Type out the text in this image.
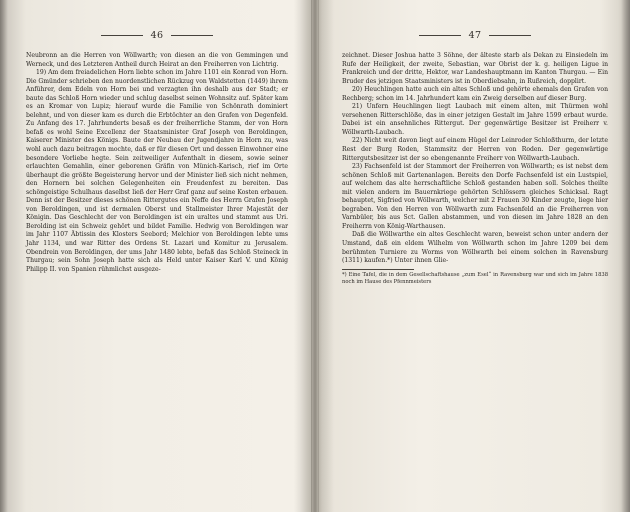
46

Neubronn an die Herren von Wöllwarth; von diesen an die von Gemmingen und Werneck, und des Letzteren Antheil durch Heirat an den Freiherren von Lichtrig.

19) Am dem freiadelichen Horn liebte schon im Jahre 1101 ein Konrad von Horn. Die Gmünder schrieben den nuordenstlichen Rückzug von Waldstetten (1449) ihrem Anführer, dem Edeln von Horn bei und verzagten ihn deshalb aus der Stadt; er baute das Schloß Horn wieder und schlug daselbst seinen Wohnsitz auf. Später kam es an Kromar von Lupiz; hierauf wurde die Familie von Schönrath dominiert belehnt, und von dieser kam es durch die Erbtöchter an den Grafen von Degenfeld. Zu Anfang des 17. Jahrhunderts besaß es der freiherrliche Stamm, der von Horn befaß es wohl Seine Excellenz der Staatsminister Graf Joseph von Beroldingen, Kaiserer Minister des Königs. Baute der Neubau der Jugendjahre in Horn zu, was wohl auch dazu beitragen mochte, daß er für diesen Ort und dessen Einwohner eine besondere Vorliebe hegte. Sein zeitweiliger Aufenthalt in diesem, sowie seiner erlauchten Gemahlin, einer geborenen Gräfin von Münich-Karisch, rief im Orte überhaupt die größte Begeisterung hervor und der Minister ließ sich nicht nehmen, den Hornern bei solchen Gelegenheiten ein Freudenfest zu bereiten. Das schöngeistige Schulhaus daselbst ließ der Herr Graf ganz auf seine Kosten erbauen. Denn ist der Besitzer dieses schönen Rittergutes ein Neffe des Herrn Grafen Joseph von Beroldingen, und ist dermalen Oberst und Stallmeister Ihrer Majestät der Königin. Das Geschlecht der von Beroldingen ist ein uraltes und stammt aus Uri. Berolding ist ein Schweiz gehört und bildet Familie. Hedwig von Beroldingen war im Jahr 1107 Äbtissin des Klosters Seebord; Melchior von Beroldingen lebte ums Jahr 1134, und war Ritter des Ordens St. Lazari und Komitur zu Jerusalem. Obendrein von Beroldingen, der ums Jahr 1480 lebte, befaß das Schloß Steineck in Thurgau; sein Sohn Joseph hatte sich als Held unter Kaiser Karl V. und König Philipp II. von Spanien rühmlichst ausgeze-

47

zeichnet. Dieser Joshua hatte 3 Söhne, der älteste starb als Dekan zu Einsiedeln im Rufe der Heiligkeit, der zweite, Sebastian, war Obrist der k. g. heiligen Ligue in Frankreich und der dritte, Hektor, war Landeshauptmann im Kanton Thurgau. — Ein Bruder des jetzigen Staatsministers ist in Oberdiebsahn, in Rußreich, dopplirt.

20) Heuchlingen hatte auch ein altes Schloß und gehörte ehemals den Grafen von Rechberg; schon im 14. Jahrhundert kam ein Zweig derselben auf dieser Burg.

21) Unfern Heuchlingen liegt Laubach mit einem alten, mit Thürmen wohl versehenen Ritterschlöße, das in einer jetzigen Gestalt im Jahre 1599 erbaut wurde. Dabei ist ein ansehnliches Rittergut. Der gegenwärtige Besitzer ist Freiherr v. Wöllwarth-Laubach.

22) Nicht weit davon liegt auf einem Hügel der Leinroder Schloßthurm, der letzte Rest der Burg Roden, Stammsitz der Herren von Roden. Der gegenwärtige Rittergutsbesitzer ist der so ebengenannte Freiherr von Wöllwarth-Laubach.

23) Fachsenfeld ist der Stammort der Freiherren von Wöllwarth; es ist nebst dem schönen Schloß mit Gartenanlagen. Bereits den Dorfe Fachsenfeld ist ein Lustspiel, auf welchem das alte herrschaftliche Schloß gestanden haben soll. Solches theilte mit vielen andern im Bauernkriege gehörten Schlössern gleiches Schicksal. Ragt behauptet, Sigfried von Wöllwarth, welcher mit 2 Frauen 30 Kinder zeugte, liege hier begraben. Von den Herren von Wöllwarth zum Fachsenfeld an die Freiherren von Varnbüler, bis aus Sct. Gallen abstammen, und von diesen im Jahre 1828 an den Freiherrn von König-Warthausen.

Daß die Wöllwarthe ein altes Geschlecht waren, beweist schon unter andern der Umstand, daß ein eldem Wilhelm von Wöllwarth schon im Jahre 1209 bei dem berühmten Turniere zu Worms von Wöllwarth bei einem solchen in Ravensburg (1311) kaufen.*) Unter ihnen Glie-

*) Eine Tafel, die in dem Gesellschaftshause „zum Esel“ in Ravensburg war und sich im Jahre 1838 noch im Hause des Pfennmeisters
